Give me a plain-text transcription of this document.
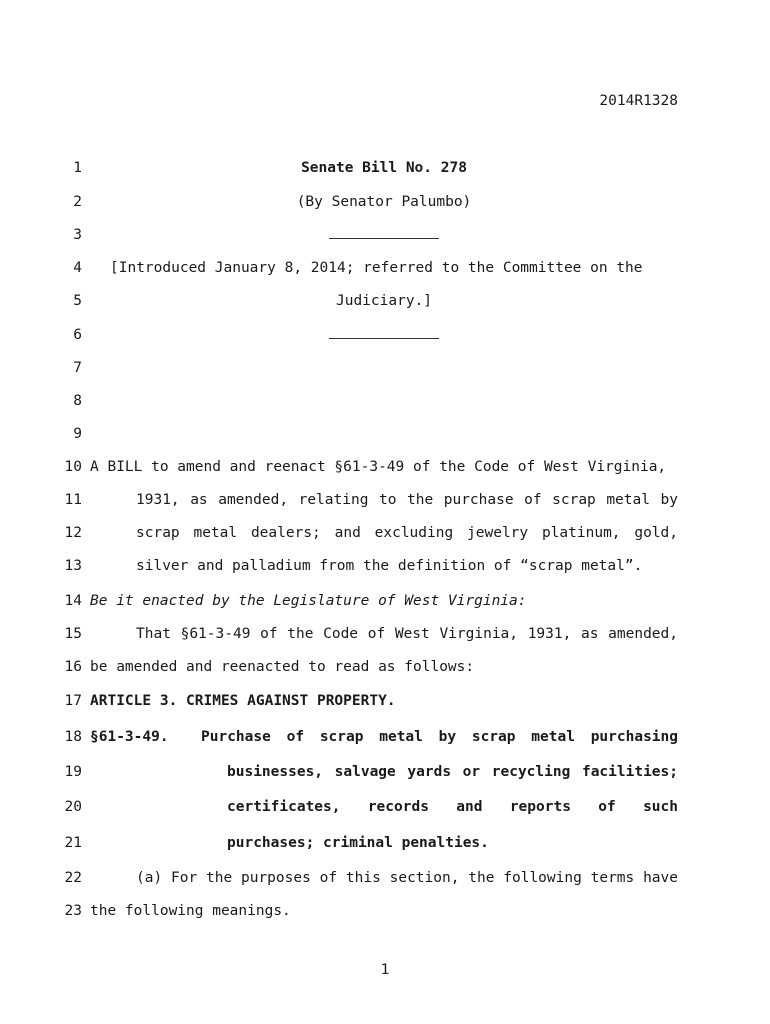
2014R1328
1
2
3
4
5
6
7
8
9
10
11
12
13
14
15
16
17
18
19
20
21
22
23
Senate Bill No. 278
(By Senator Palumbo)
[Introduced January 8, 2014; referred to the Committee on the
Judiciary.]
A BILL to amend and reenact §61-3-49 of the Code of West Virginia,
1931, as amended, relating to the purchase of scrap metal by
scrap metal dealers; and excluding jewelry platinum, gold,
silver and palladium from the definition of “scrap metal”.
Be it enacted by the Legislature of West Virginia:
That §61-3-49 of the Code of West Virginia, 1931, as amended,
be amended and reenacted to read as follows:
ARTICLE 3. CRIMES AGAINST PROPERTY.
§61-3-49.	Purchase of scrap metal by scrap metal purchasing
businesses, salvage yards or recycling facilities;
certificates, records and reports of such
purchases; criminal penalties.
(a) For the purposes of this section, the following terms have
the following meanings.
1
